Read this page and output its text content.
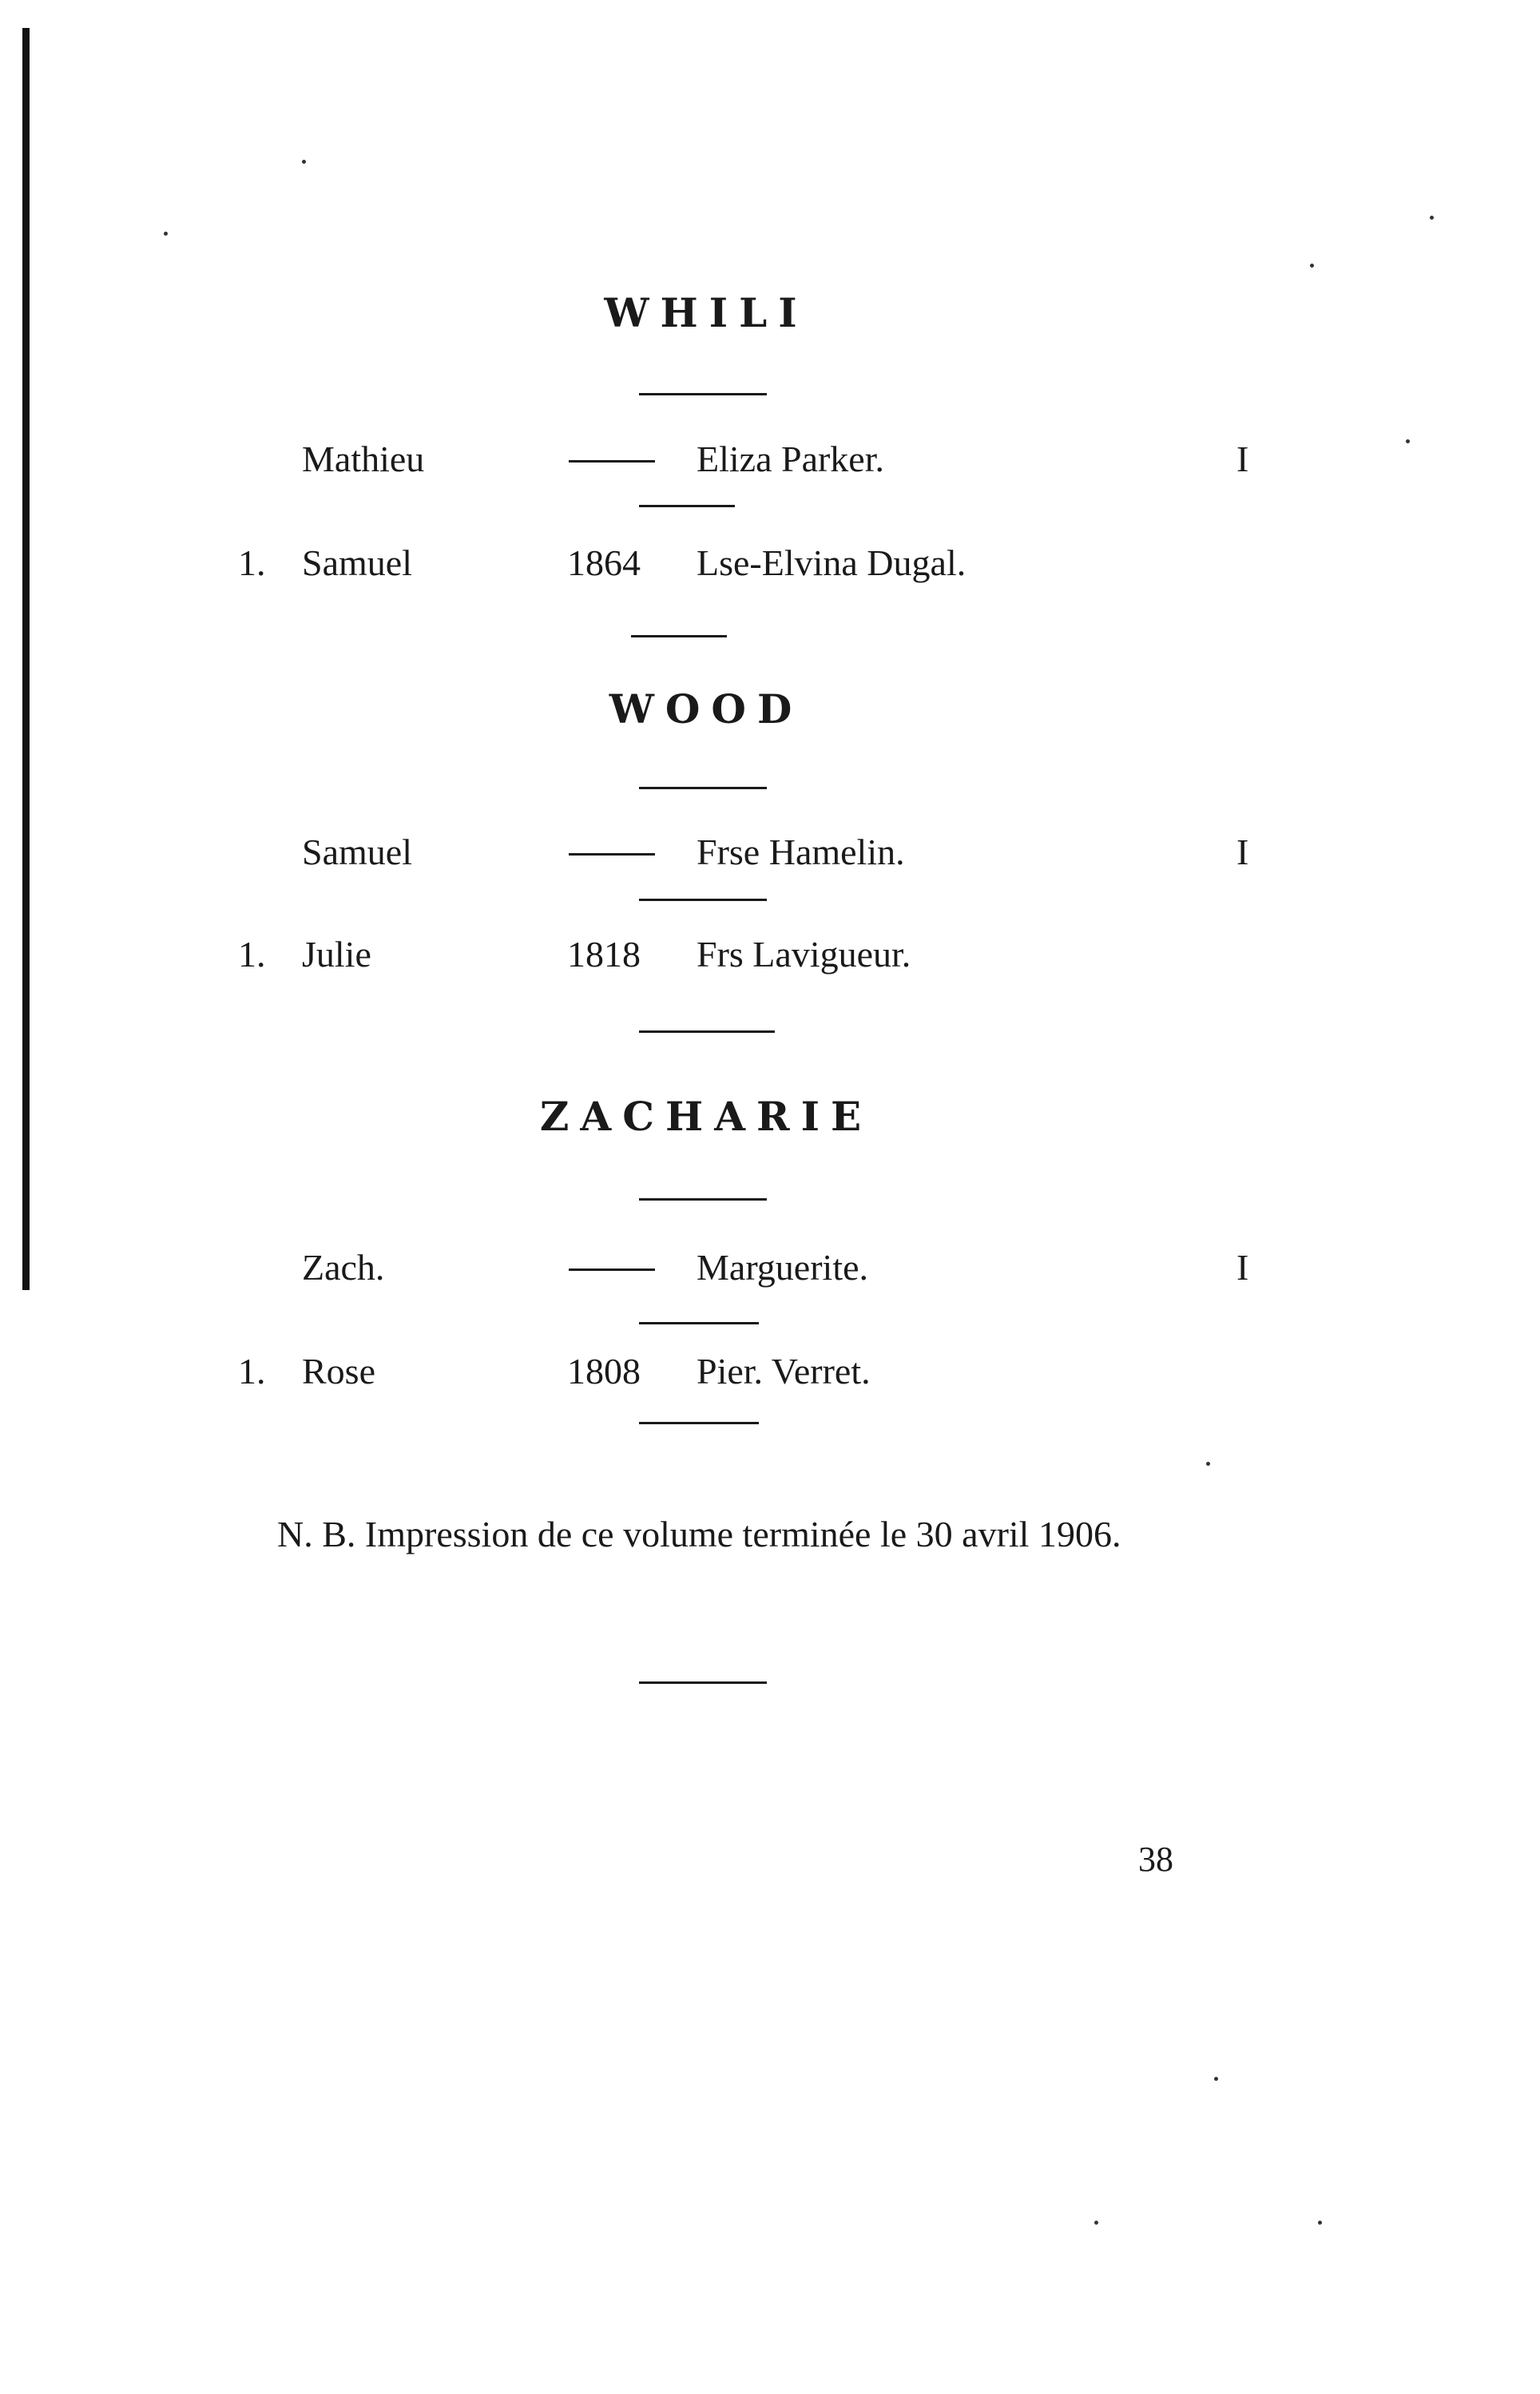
WHILI
Mathieu	Eliza Parker.	I
1. Samuel	1864 Lse-Elvina Dugal.
WOOD
Samuel	Frse Hamelin.	I
1. Julie	1818 Frs Lavigueur.
ZACHARIE
Zach.	Marguerite.	I
1. Rose	1808 Pier. Verret.
N. B. Impression de ce volume terminée le 30 avril 1906.
38
